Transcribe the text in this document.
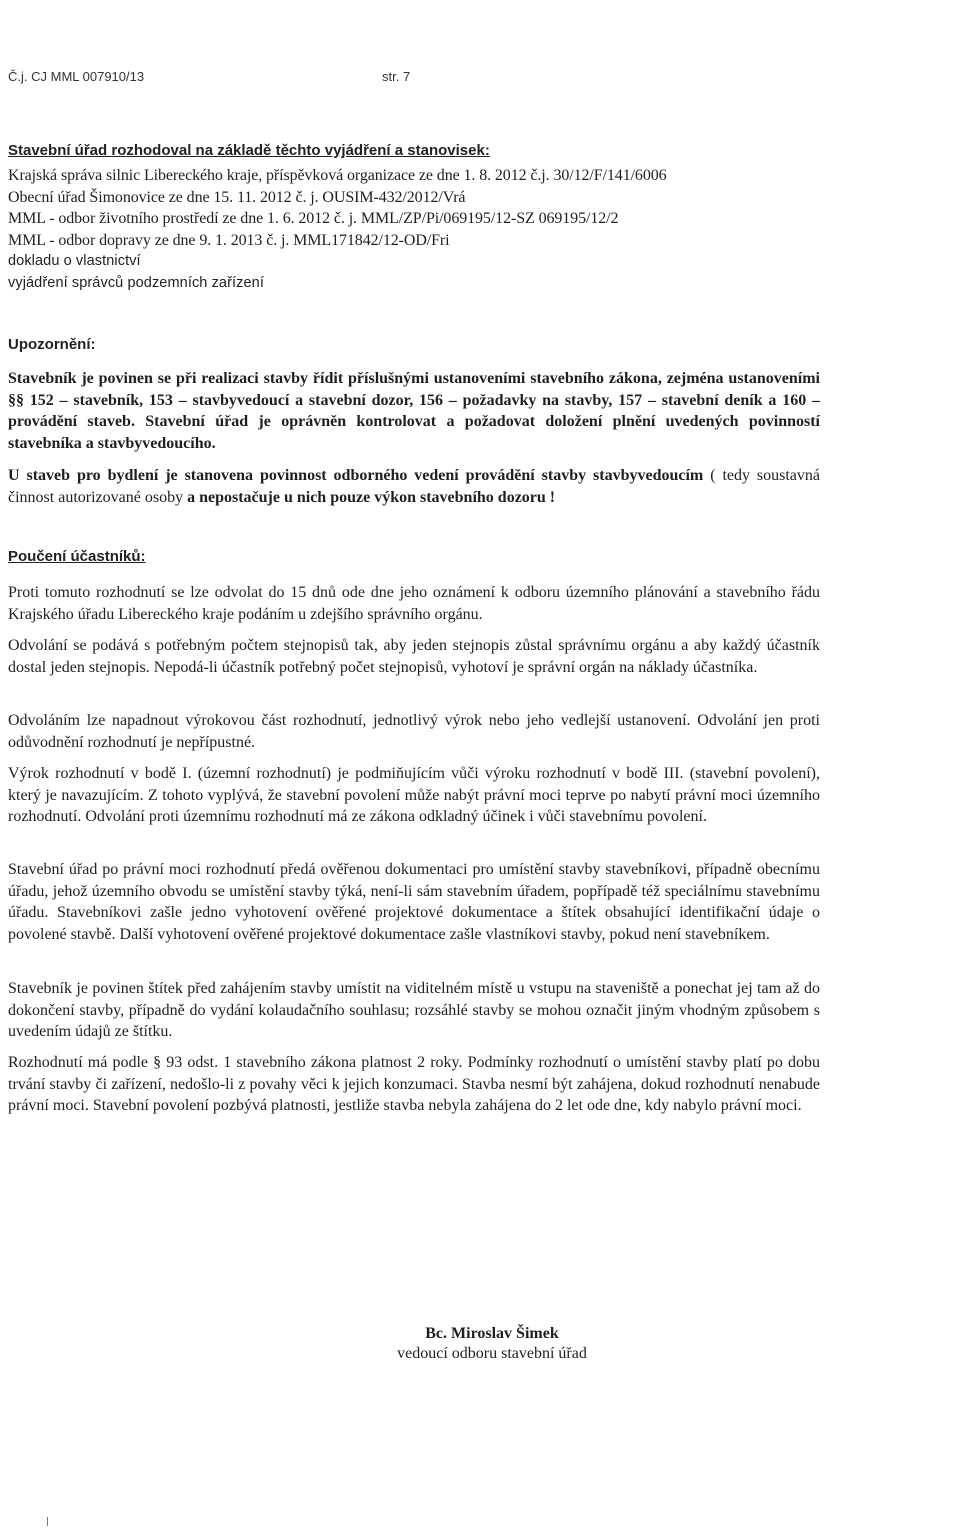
Č.j. CJ MML 007910/13	str. 7
Stavební úřad rozhodoval na základě těchto vyjádření a stanovisek:
Krajská správa silnic Libereckého kraje, příspěvková organizace ze dne 1. 8. 2012 č.j. 30/12/F/141/6006
Obecní úřad Šimonovice ze dne 15. 11. 2012 č. j. OUSIM-432/2012/Vrá
MML - odbor životního prostředí ze dne 1. 6. 2012 č. j. MML/ZP/Pi/069195/12-SZ 069195/12/2
MML - odbor dopravy ze dne 9. 1. 2013 č. j. MML171842/12-OD/Fri
dokladu o vlastnictví
vyjádření správců podzemních zařízení
Upozornění:
Stavebník je povinen se při realizaci stavby řídit příslušnými ustanoveními stavebního zákona, zejména ustanoveními §§ 152 – stavebník, 153 – stavbyvedoucí a stavební dozor, 156 – požadavky na stavby, 157 – stavební deník a 160 – provádění staveb. Stavební úřad je oprávněn kontrolovat a požadovat doložení plnění uvedených povinností stavebníka a stavbyvedoucího.
U staveb pro bydlení je stanovena povinnost odborného vedení provádění stavby stavbyvedoucím ( tedy soustavná činnost autorizované osoby a nepostačuje u nich pouze výkon stavebního dozoru !
Poučení účastníků:
Proti tomuto rozhodnutí se lze odvolat do 15 dnů ode dne jeho oznámení k odboru územního plánování a stavebního řádu Krajského úřadu Libereckého kraje podáním u zdejšího správního orgánu.
Odvolání se podává s potřebným počtem stejnopisů tak, aby jeden stejnopis zůstal správnímu orgánu a aby každý účastník dostal jeden stejnopis. Nepodá-li účastník potřebný počet stejnopisů, vyhotoví je správní orgán na náklady účastníka.
Odvoláním lze napadnout výrokovou část rozhodnutí, jednotlivý výrok nebo jeho vedlejší ustanovení. Odvolání jen proti odůvodnění rozhodnutí je nepřípustné.
Výrok rozhodnutí v bodě I. (územní rozhodnutí) je podmiňujícím vůči výroku rozhodnutí v bodě III. (stavební povolení), který je navazujícím. Z tohoto vyplývá, že stavební povolení může nabýt právní moci teprve po nabytí právní moci územního rozhodnutí. Odvolání proti územnímu rozhodnutí má ze zákona odkladný účinek i vůči stavebnímu povolení.
Stavební úřad po právní moci rozhodnutí předá ověřenou dokumentaci pro umístění stavby stavebníkovi, případně obecnímu úřadu, jehož územního obvodu se umístění stavby týká, není-li sám stavebním úřadem, popřípadě též speciálnímu stavebnímu úřadu. Stavebníkovi zašle jedno vyhotovení ověřené projektové dokumentace a štítek obsahující identifikační údaje o povolené stavbě. Další vyhotovení ověřené projektové dokumentace zašle vlastníkovi stavby, pokud není stavebníkem.
Stavebník je povinen štítek před zahájením stavby umístit na viditelném místě u vstupu na staveniště a ponechat jej tam až do dokončení stavby, případně do vydání kolaudačního souhlasu; rozsáhlé stavby se mohou označit jiným vhodným způsobem s uvedením údajů ze štítku.
Rozhodnutí má podle § 93 odst. 1 stavebního zákona platnost 2 roky. Podmínky rozhodnutí o umístění stavby platí po dobu trvání stavby či zařízení, nedošlo-li z povahy věci k jejich konzumaci. Stavba nesmí být zahájena, dokud rozhodnutí nenabude právní moci. Stavební povolení pozbývá platnosti, jestliže stavba nebyla zahájena do 2 let ode dne, kdy nabylo právní moci.
Bc. Miroslav Šimek
vedoucí odboru stavební úřad
